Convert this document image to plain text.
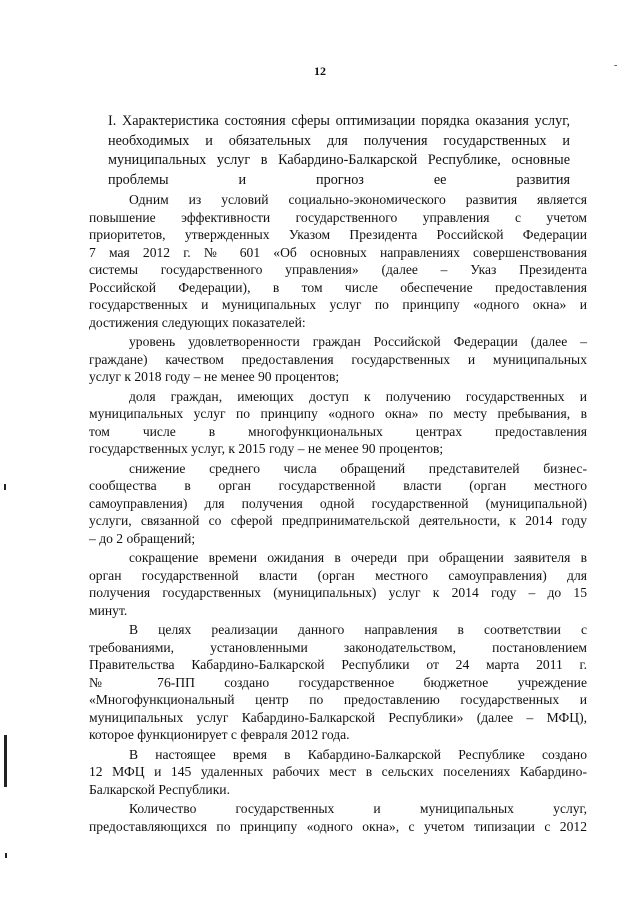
12	-
I. Характеристика состояния сферы оптимизации порядка оказания услуг,
необходимых и обязательных для получения государственных и
муниципальных услуг в Кабардино-Балкарской Республике, основные
проблемы и прогноз ее развития
Одним из условий социально-экономического развития является
повышение эффективности государственного управления с учетом
приоритетов, утвержденных Указом Президента Российской Федерации
7 мая 2012 г. № 601 «Об основных направлениях совершенствования
системы государственного управления» (далее – Указ Президента
Российской Федерации), в том числе обеспечение предоставления
государственных и муниципальных услуг по принципу «одного окна» и
достижения следующих показателей:
уровень удовлетворенности граждан Российской Федерации (далее –
граждане) качеством предоставления государственных и муниципальных
услуг к 2018 году – не менее 90 процентов;
доля граждан, имеющих доступ к получению государственных и
муниципальных услуг по принципу «одного окна» по месту пребывания, в
том числе в многофункциональных центрах предоставления
государственных услуг, к 2015 году – не менее 90 процентов;
снижение среднего числа обращений представителей бизнес-
сообщества в орган государственной власти (орган местного
самоуправления) для получения одной государственной (муниципальной)
услуги, связанной со сферой предпринимательской деятельности, к 2014 году
– до 2 обращений;
сокращение времени ожидания в очереди при обращении заявителя в
орган государственной власти (орган местного самоуправления) для
получения государственных (муниципальных) услуг к 2014 году – до 15
минут.
В целях реализации данного направления в соответствии с
требованиями, установленными законодательством, постановлением
Правительства Кабардино-Балкарской Республики от 24 марта 2011 г.
№ 76-ПП создано государственное бюджетное учреждение
«Многофункциональный центр по предоставлению государственных и
муниципальных услуг Кабардино-Балкарской Республики» (далее – МФЦ),
которое функционирует с февраля 2012 года.
В настоящее время в Кабардино-Балкарской Республике создано
12 МФЦ и 145 удаленных рабочих мест в сельских поселениях Кабардино-
Балкарской Республики.
Количество государственных и муниципальных услуг,
предоставляющихся по принципу «одного окна», с учетом типизации с 2012
